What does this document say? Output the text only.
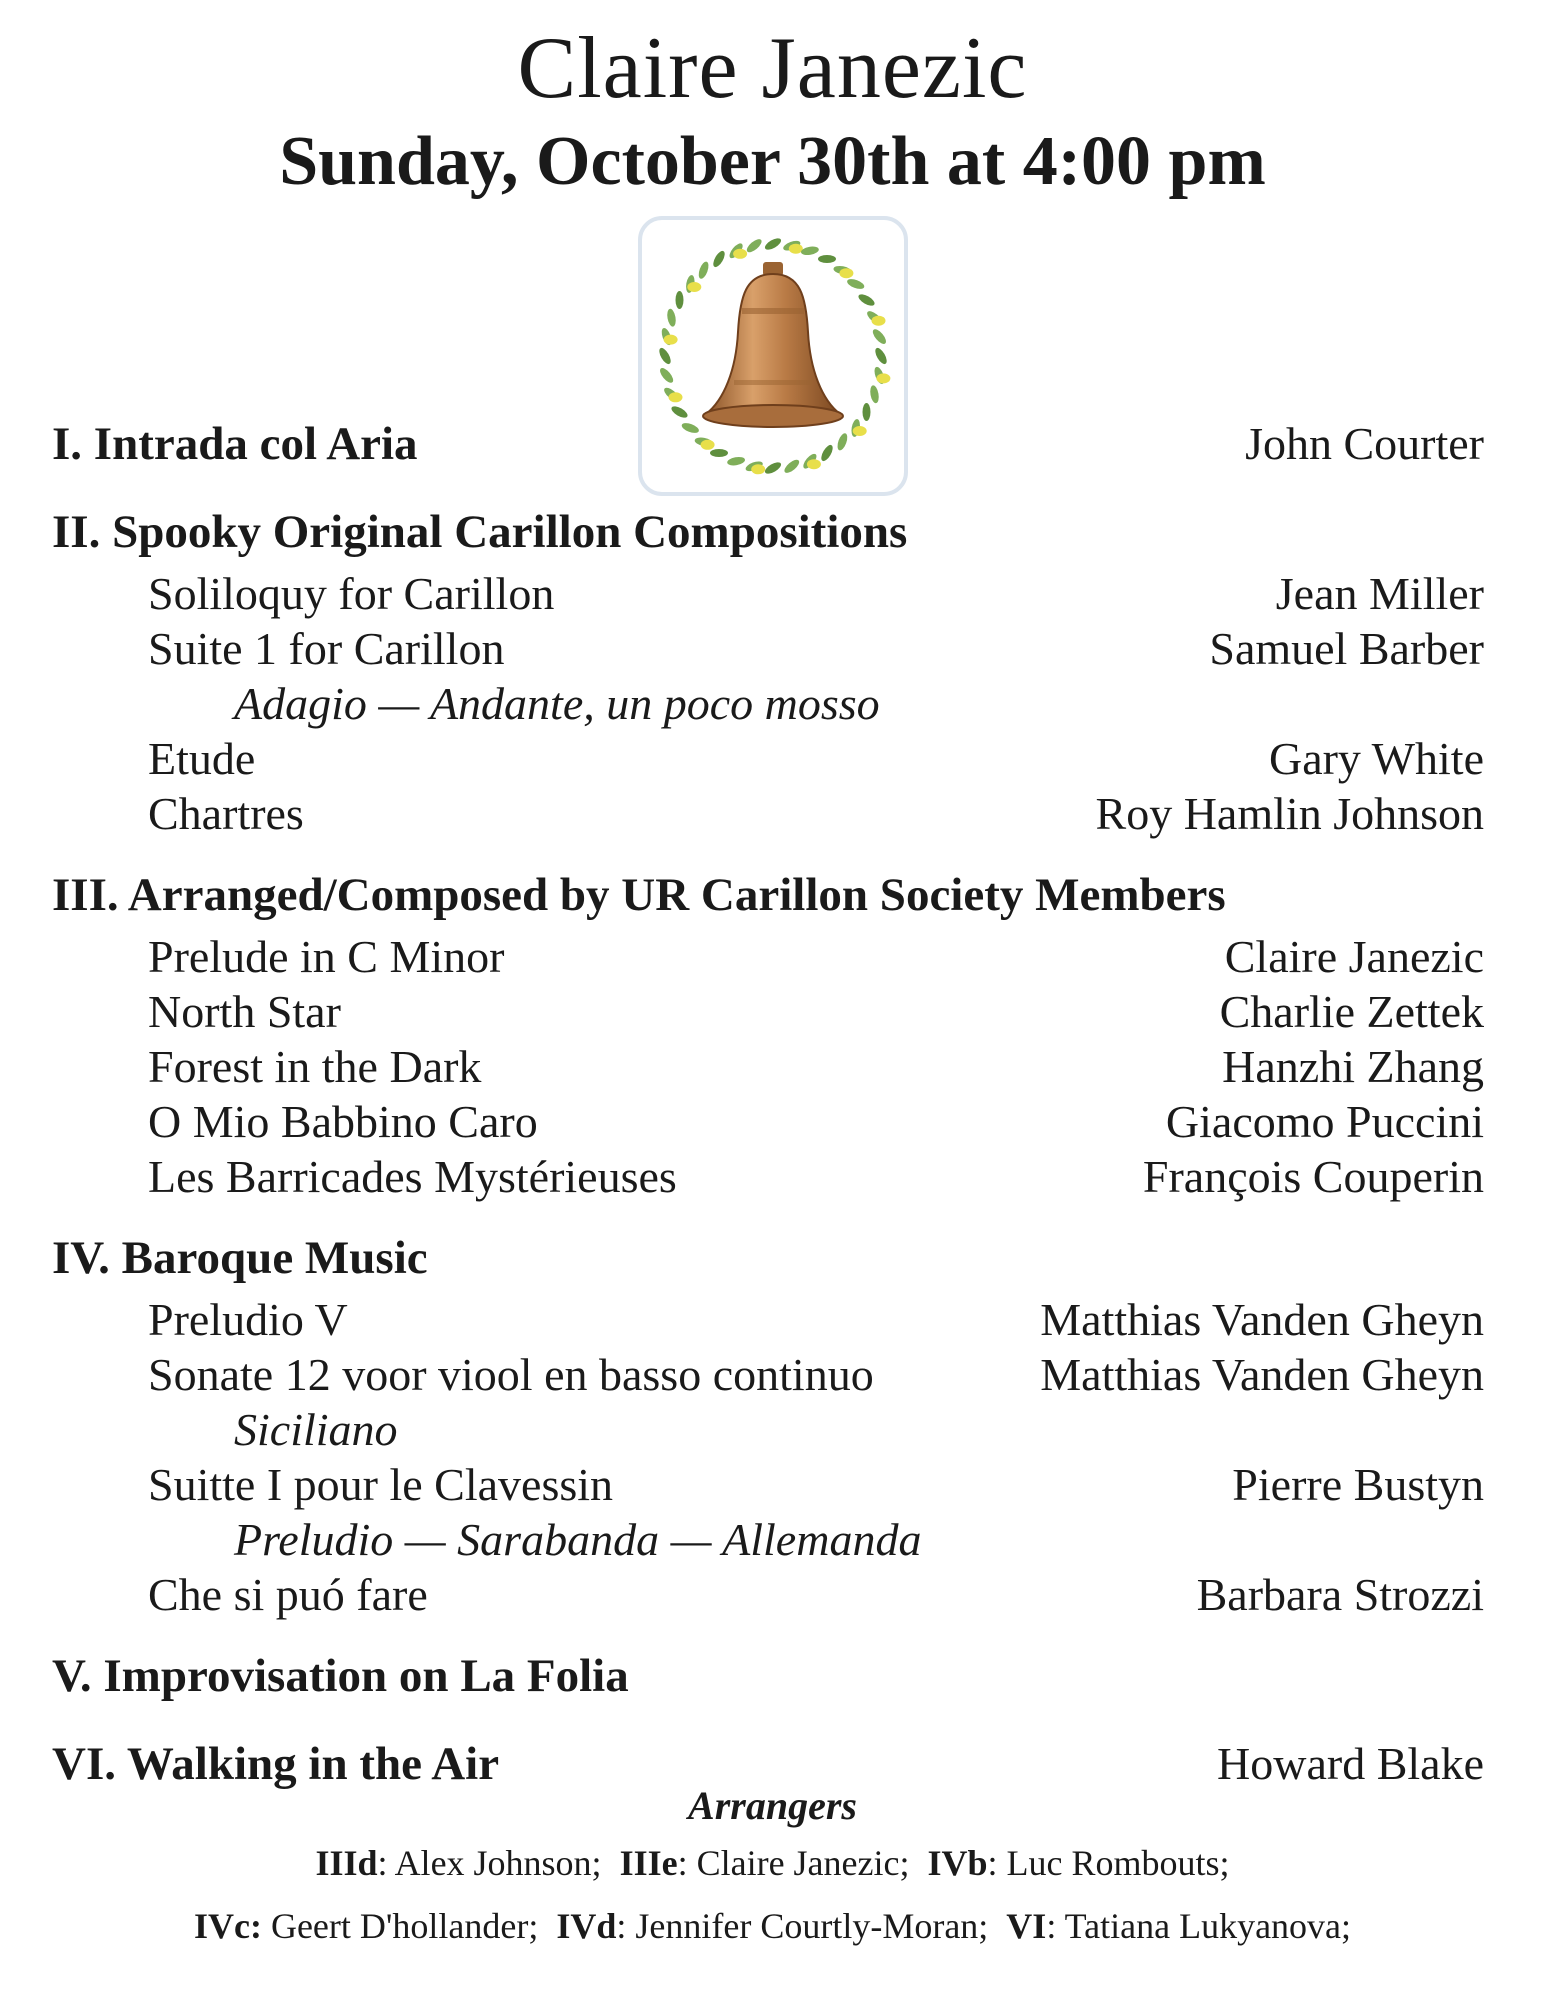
Claire Janezic
Sunday, October 30th at 4:00 pm
I. Intrada col Aria	John Courter
II. Spooky Original Carillon Compositions
Soliloquy for Carillon	Jean Miller
Suite 1 for Carillon	Samuel Barber
Adagio — Andante, un poco mosso
Etude	Gary White
Chartres	Roy Hamlin Johnson
III. Arranged/Composed by UR Carillon Society Members
Prelude in C Minor	Claire Janezic
North Star	Charlie Zettek
Forest in the Dark	Hanzhi Zhang
O Mio Babbino Caro	Giacomo Puccini
Les Barricades Mystérieuses	François Couperin
IV. Baroque Music
Preludio V	Matthias Vanden Gheyn
Sonate 12 voor viool en basso continuo	Matthias Vanden Gheyn
Siciliano
Suitte I pour le Clavessin	Pierre Bustyn
Preludio — Sarabanda — Allemanda
Che si puó fare	Barbara Strozzi
V. Improvisation on La Folia
VI. Walking in the Air	Howard Blake
Arrangers
IIId: Alex Johnson; IIIe: Claire Janezic; IVb: Luc Rombouts;
IVc: Geert D'hollander; IVd: Jennifer Courtly-Moran; VI: Tatiana Lukyanova;
